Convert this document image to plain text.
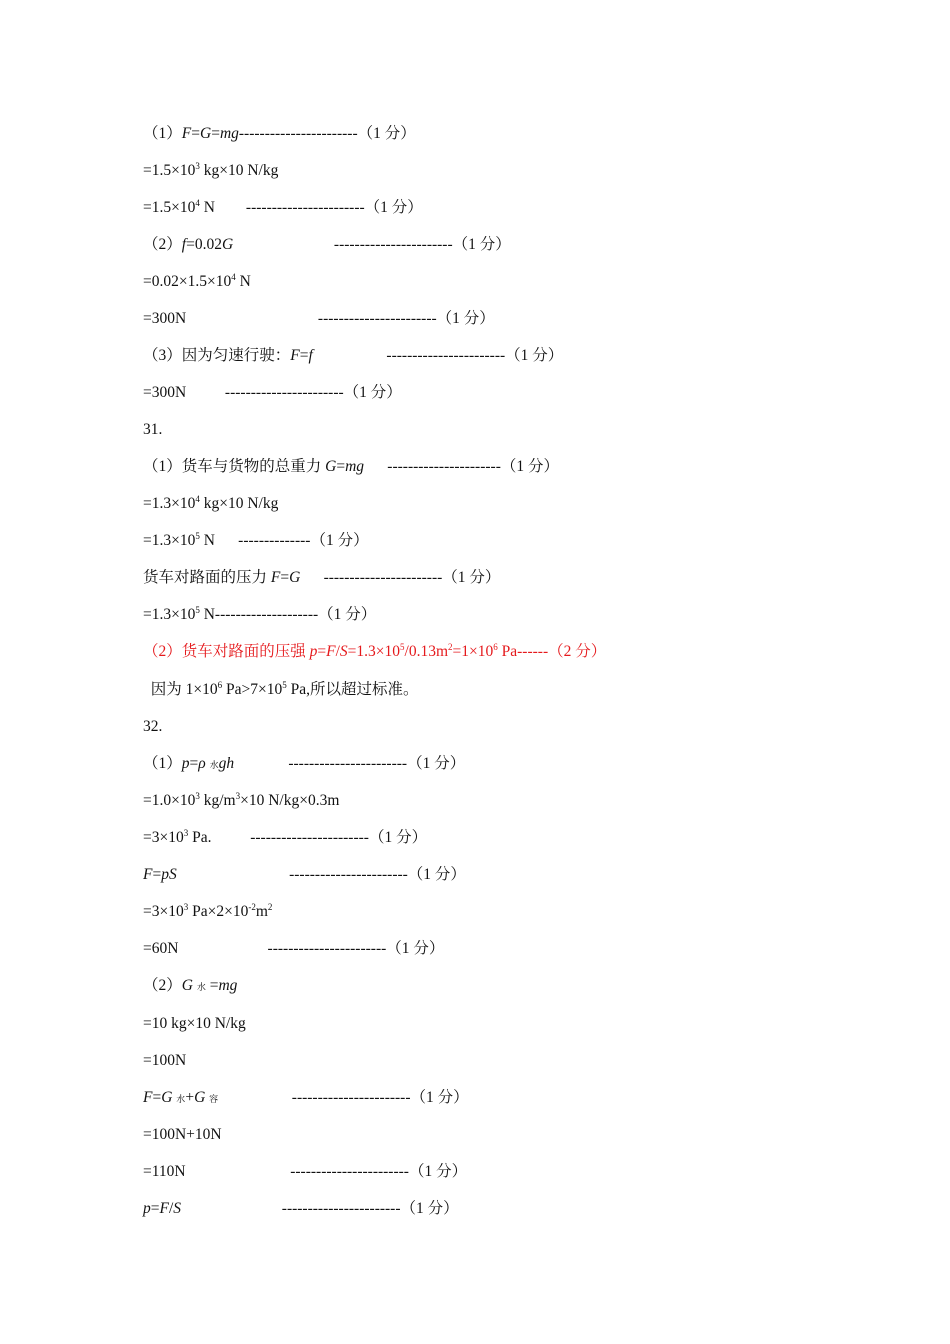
（1）F=G=mg-----------------------（1 分）
$=1.5\times 10^3$ kg×10 N/kg
$=1.5\times 10^4$ N        -----------------------（1 分）
（2）f=0.02G                          -----------------------（1 分）
$=0.02\times 1.5\times 10^4$ N
=300N                                  -----------------------（1 分）
（3）因为匀速行驶：F=f                   -----------------------（1 分）
=300N          -----------------------（1 分）
31.
（1）货车与货物的总重力 G=mg      ----------------------（1 分）
$=1.3\times 10^4$ kg×10 N/kg
$=1.3\times 10^5$ N      --------------（1 分）
货车对路面的压力 F=G      -----------------------（1 分）
$=1.3\times 10^5$ N--------------------（1 分）
（2）货车对路面的压强 $p=F/S=1.3\times 10^5/0.13m^2=1\times 10^6$ Pa------（2 分）
因为 $1\times 10^6$ $Pa>7\times 10^5$ Pa,所以超过标准。
32.
（1）p=ρ 水gh              -----------------------（1 分）
$=1.0\times 10^3$ $kg/m^3\times 10$ N/kg×0.3m
$=3\times 10^3$ Pa.          -----------------------（1 分）
F=pS                             -----------------------（1 分）
$=3\times 10^3$ $Pa\times 2\times 10^{-2}m^2$
=60N                       -----------------------（1 分）
（2）G 水 =mg
=10 kg×10 N/kg
=100N
F=G 水+G 容                   -----------------------（1 分）
=100N+10N
=110N                           -----------------------（1 分）
p=F/S                          -----------------------（1 分）
